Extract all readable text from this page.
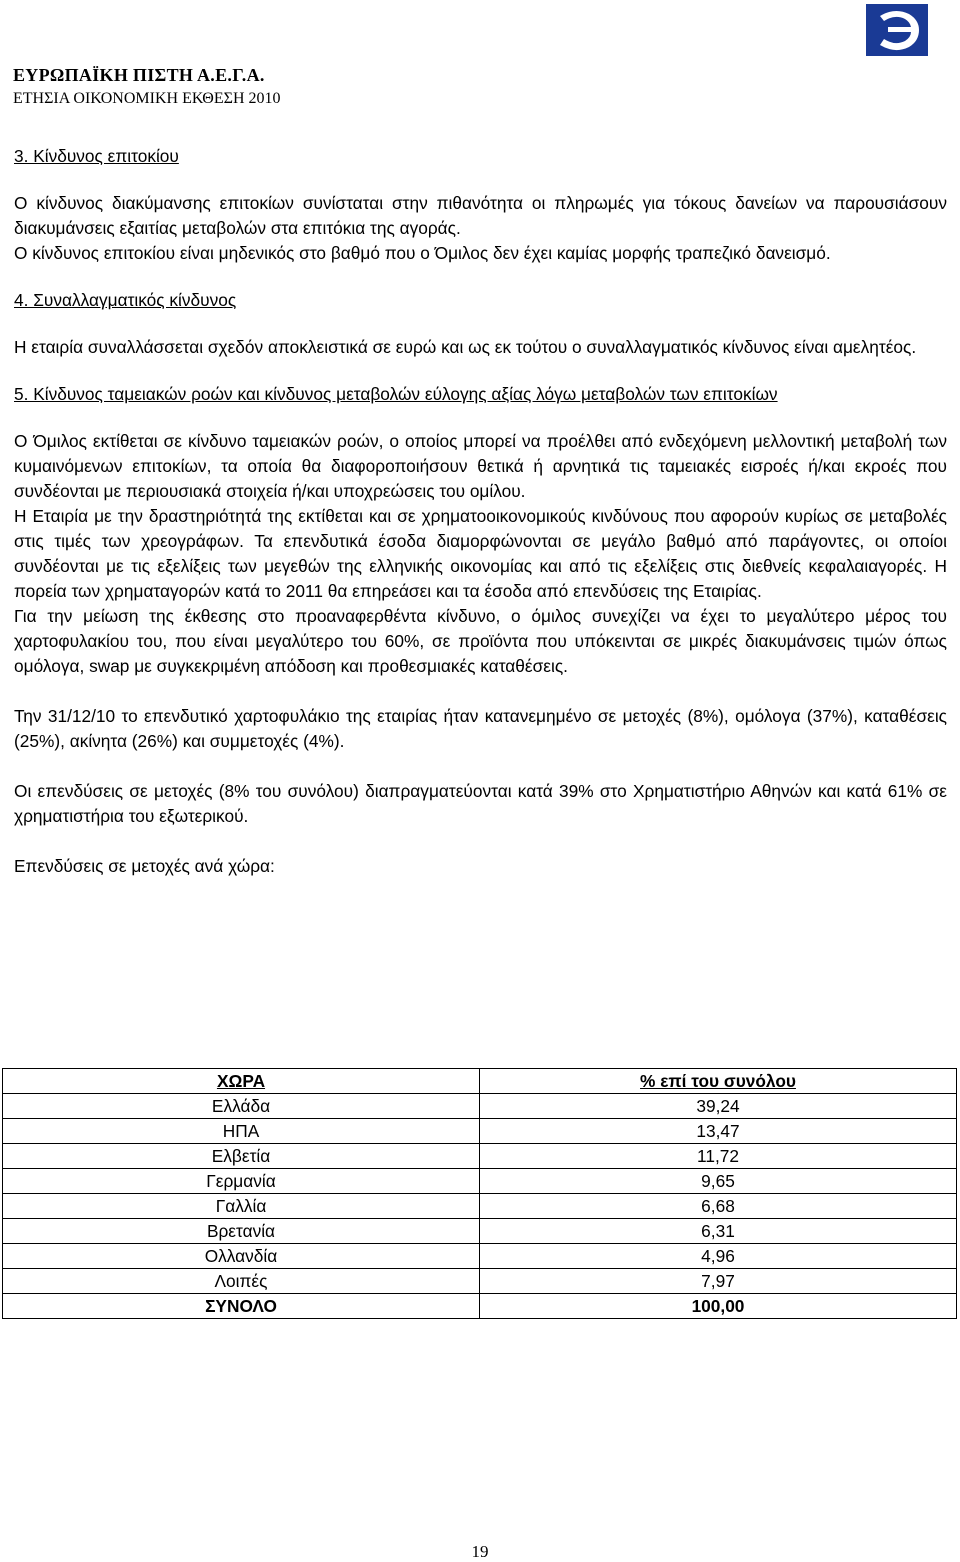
ΕΥΡΩΠΑΪΚΗ ΠΙΣΤΗ Α.Ε.Γ.Α.
ΕΤΗΣΙΑ ΟΙΚΟΝΟΜΙΚΗ ΕΚΘΕΣΗ 2010

3. Κίνδυνος επιτοκίου

Ο κίνδυνος διακύμανσης επιτοκίων συνίσταται στην πιθανότητα οι πληρωμές για τόκους δανείων να παρουσιάσουν διακυμάνσεις εξαιτίας μεταβολών στα επιτόκια της αγοράς.

Ο κίνδυνος επιτοκίου είναι μηδενικός στο βαθμό που ο Όμιλος δεν έχει καμίας μορφής τραπεζικό δανεισμό.

4. Συναλλαγματικός κίνδυνος

Η εταιρία συναλλάσσεται σχεδόν αποκλειστικά σε ευρώ και ως εκ τούτου ο συναλλαγματικός κίνδυνος είναι αμελητέος.

5. Κίνδυνος ταμειακών ροών και κίνδυνος μεταβολών εύλογης αξίας λόγω μεταβολών των επιτοκίων

Ο Όμιλος εκτίθεται σε κίνδυνο ταμειακών ροών, ο οποίος μπορεί να προέλθει από ενδεχόμενη μελλοντική μεταβολή των κυμαινόμενων επιτοκίων, τα οποία θα διαφοροποιήσουν θετικά ή αρνητικά τις ταμειακές εισροές ή/και εκροές που συνδέονται με περιουσιακά στοιχεία ή/και υποχρεώσεις του ομίλου.

Η Εταιρία με την δραστηριότητά της εκτίθεται και σε χρηματοοικονομικούς κινδύνους που αφορούν κυρίως σε μεταβολές στις τιμές των χρεογράφων. Τα επενδυτικά έσοδα διαμορφώνονται σε μεγάλο βαθμό από παράγοντες, οι οποίοι συνδέονται με τις εξελίξεις των μεγεθών της ελληνικής οικονομίας και από τις εξελίξεις στις διεθνείς κεφαλαιαγορές. Η πορεία των χρηματαγορών κατά το 2011 θα επηρεάσει και τα έσοδα από επενδύσεις της Εταιρίας.

Για την μείωση της έκθεσης στο προαναφερθέντα κίνδυνο, ο όμιλος συνεχίζει να έχει το μεγαλύτερο μέρος του χαρτοφυλακίου του, που είναι μεγαλύτερο του 60%, σε προϊόντα που υπόκεινται σε μικρές διακυμάνσεις τιμών όπως ομόλογα, swap με συγκεκριμένη απόδοση και προθεσμιακές καταθέσεις.

Την 31/12/10 το επενδυτικό χαρτοφυλάκιο της εταιρίας ήταν κατανεμημένο σε μετοχές (8%), ομόλογα (37%), καταθέσεις (25%), ακίνητα (26%) και συμμετοχές (4%).

Οι επενδύσεις σε μετοχές (8% του συνόλου) διαπραγματεύονται κατά 39% στο Χρηματιστήριο Αθηνών και κατά 61% σε χρηματιστήρια του εξωτερικού.

Επενδύσεις σε μετοχές ανά χώρα:

ΧΩΡΑ	% επί του συνόλου
Ελλάδα	39,24
ΗΠΑ	13,47
Ελβετία	11,72
Γερμανία	9,65
Γαλλία	6,68
Βρετανία	6,31
Ολλανδία	4,96
Λοιπές	7,97
ΣΥΝΟΛΟ	100,00
19
